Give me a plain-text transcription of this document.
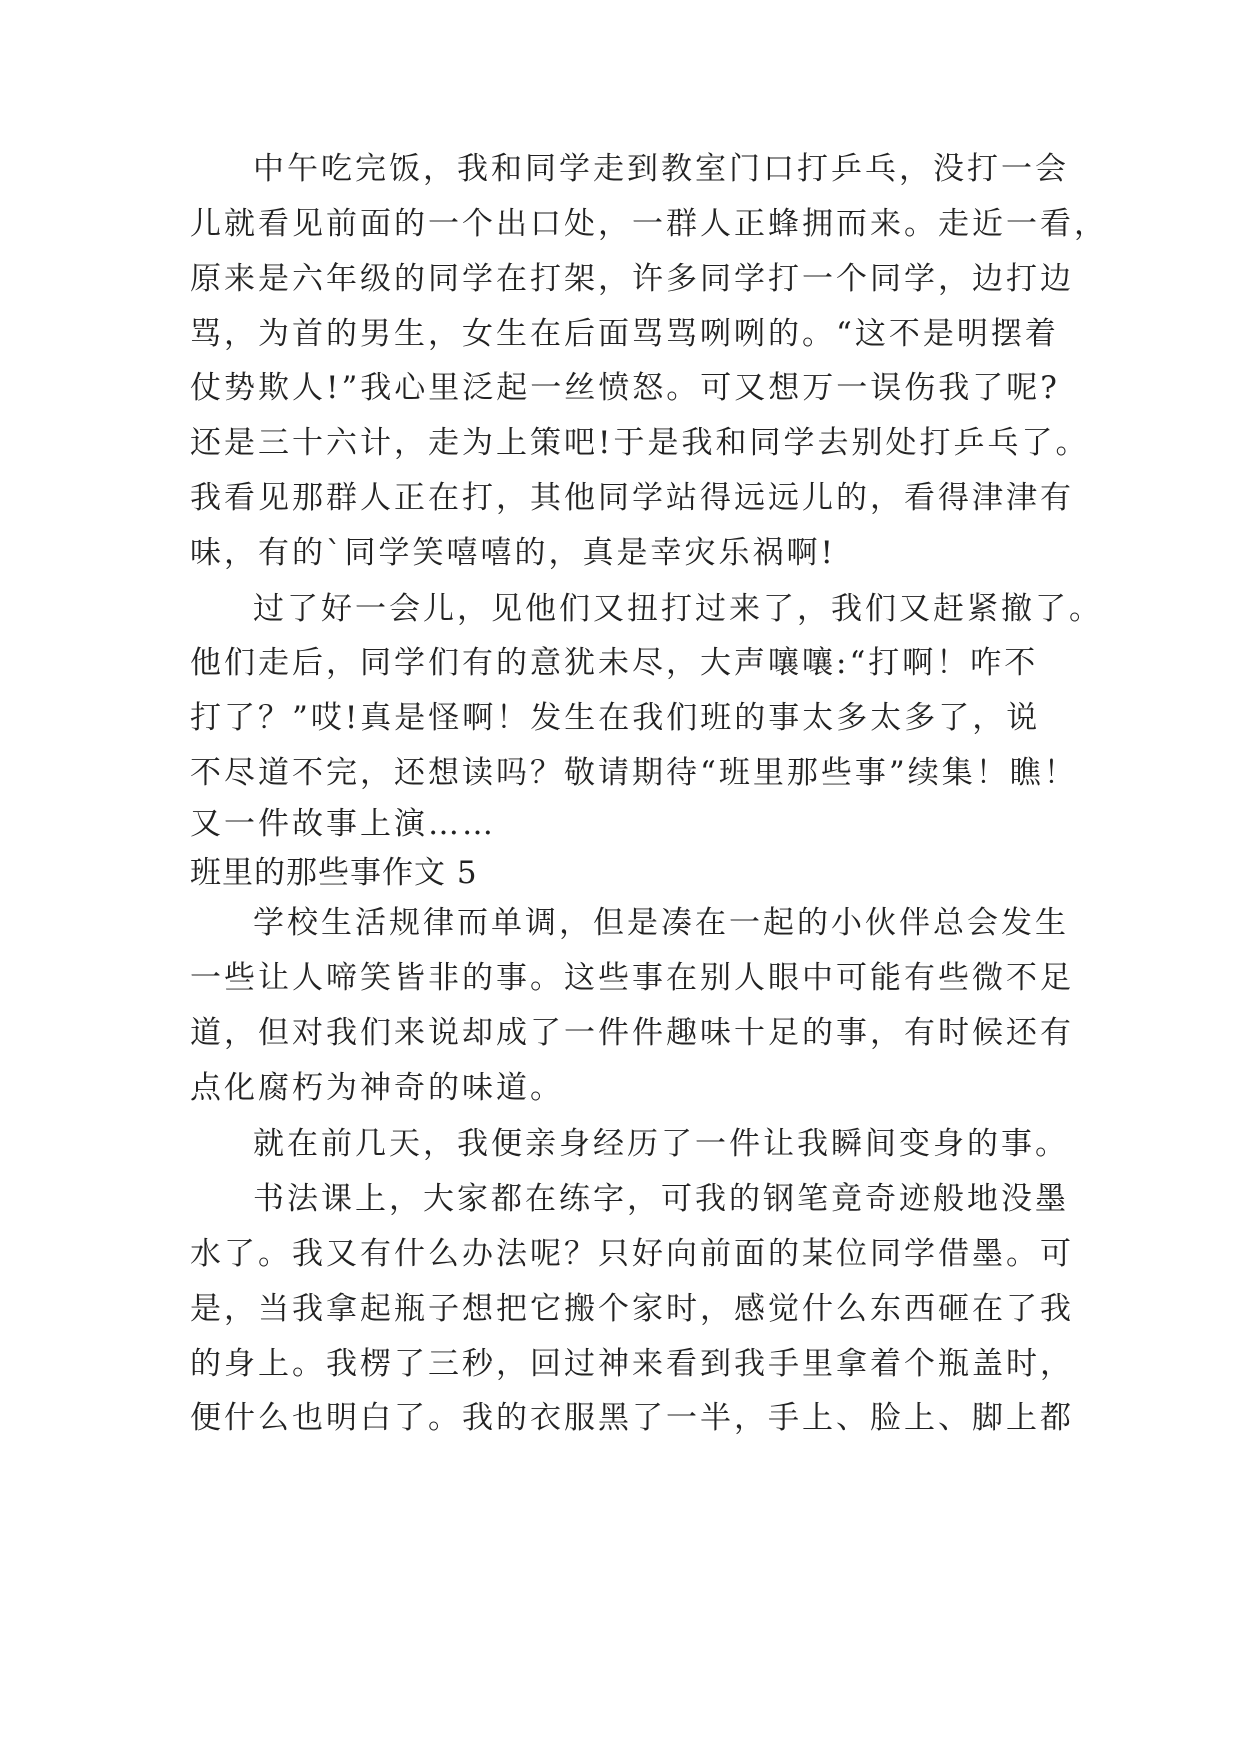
中午吃完饭，我和同学走到教室门口打乒乓，没打一会

儿就看见前面的一个出口处，一群人正蜂拥而来。走近一看，

原来是六年级的同学在打架，许多同学打一个同学，边打边

骂，为首的男生，女生在后面骂骂咧咧的。“这不是明摆着

仗势欺人!”我心里泛起一丝愤怒。可又想万一误伤我了呢?

还是三十六计，走为上策吧!于是我和同学去别处打乒乓了。

我看见那群人正在打，其他同学站得远远儿的，看得津津有

味，有的`同学笑嘻嘻的，真是幸灾乐祸啊!

过了好一会儿，见他们又扭打过来了，我们又赶紧撤了。

他们走后，同学们有的意犹未尽，大声嚷嚷:“打啊！咋不

打了？”哎!真是怪啊！发生在我们班的事太多太多了，说

不尽道不完，还想读吗？敬请期待“班里那些事”续集！瞧！

又一件故事上演……

班里的那些事作文 5

学校生活规律而单调，但是凑在一起的小伙伴总会发生

一些让人啼笑皆非的事。这些事在别人眼中可能有些微不足

道，但对我们来说却成了一件件趣味十足的事，有时候还有

点化腐朽为神奇的味道。

就在前几天，我便亲身经历了一件让我瞬间变身的事。

书法课上，大家都在练字，可我的钢笔竟奇迹般地没墨

水了。我又有什么办法呢？只好向前面的某位同学借墨。可

是，当我拿起瓶子想把它搬个家时，感觉什么东西砸在了我

的身上。我楞了三秒，回过神来看到我手里拿着个瓶盖时，

便什么也明白了。我的衣服黑了一半，手上、脸上、脚上都
